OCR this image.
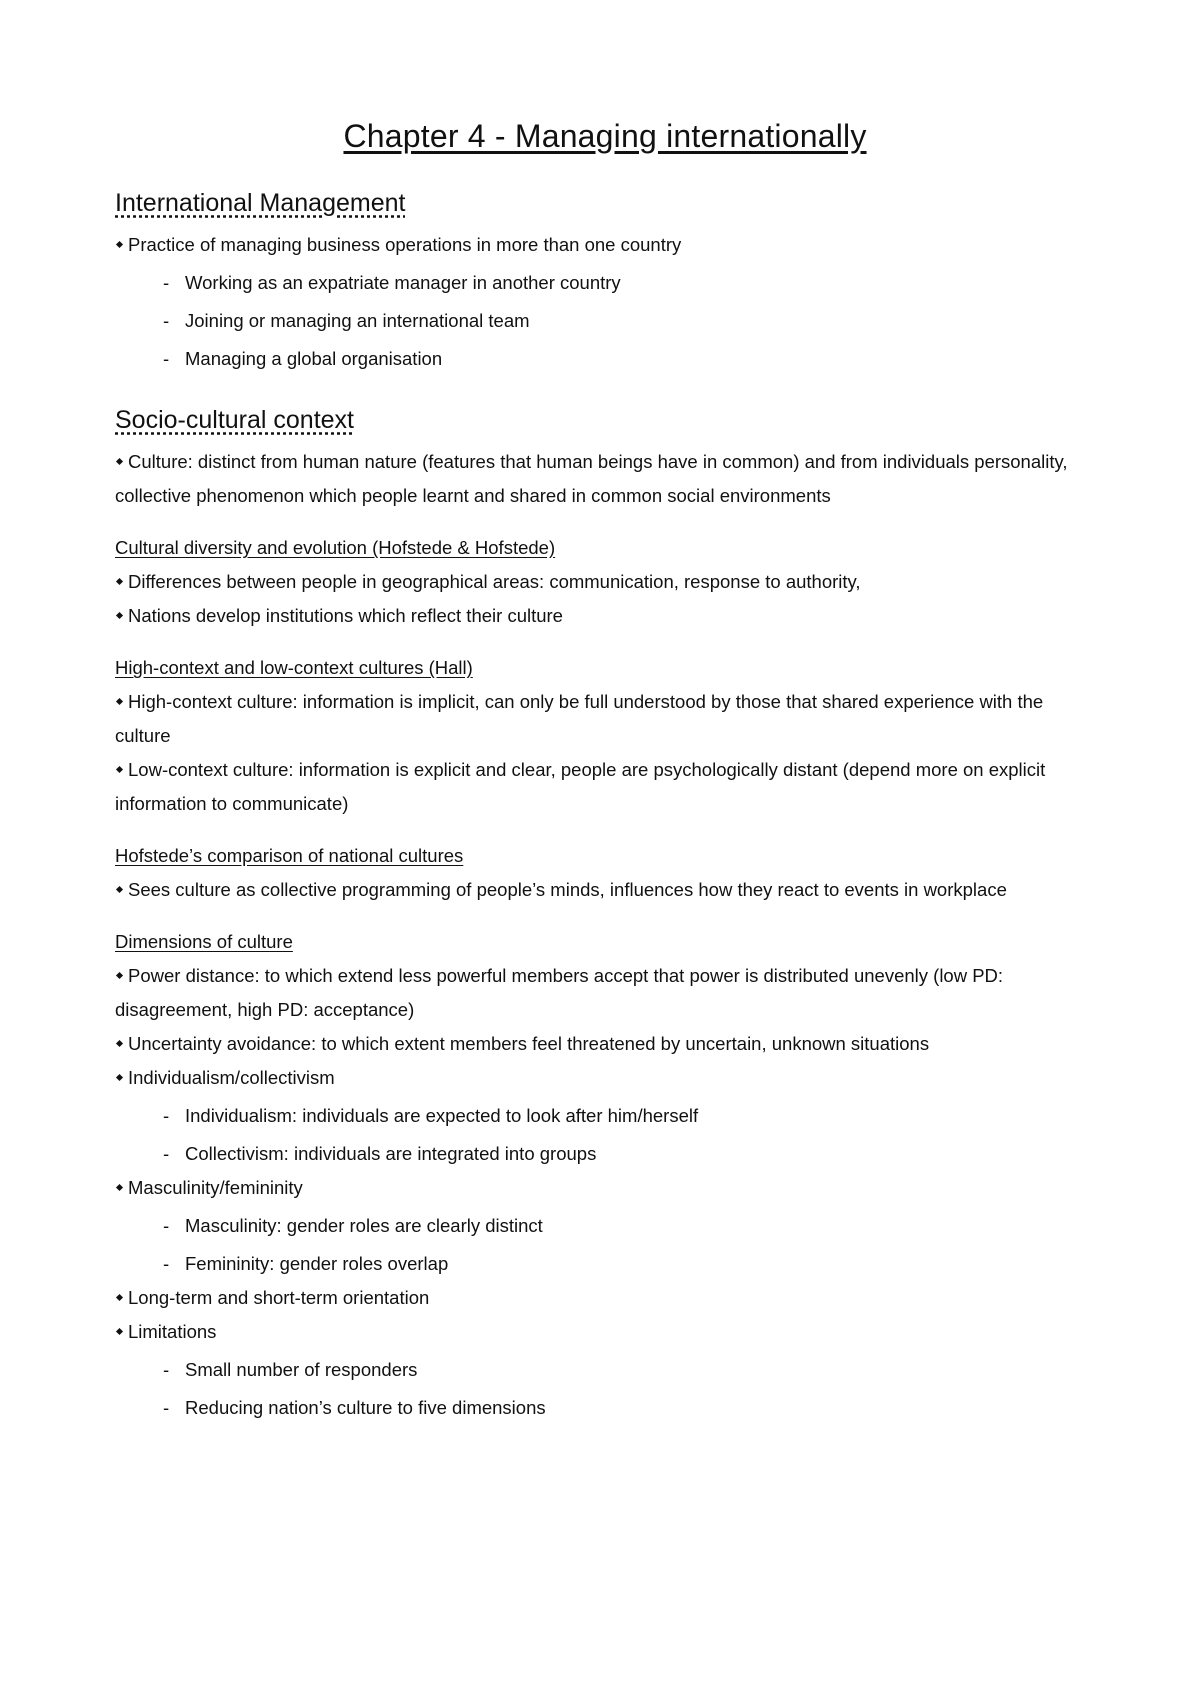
Chapter 4 - Managing internationally
International Management

Practice of managing business operations in more than one country

- Working as an expatriate manager in another country

- Joining or managing an international team

- Managing a global organisation

Socio-cultural context

Culture: distinct from human nature (features that human beings have in common) and from individuals personality, collective phenomenon which people learnt and shared in common social environments

Cultural diversity and evolution (Hofstede & Hofstede)

Differences between people in geographical areas: communication, response to authority,

Nations develop institutions which reflect their culture

High-context and low-context cultures (Hall)

High-context culture: information is implicit, can only be full understood by those that shared experience with the culture

Low-context culture: information is explicit and clear, people are psychologically distant (depend more on explicit information to communicate)

Hofstede’s comparison of national cultures

Sees culture as collective programming of people’s minds, influences how they react to events in workplace

Dimensions of culture

Power distance: to which extend less powerful members accept that power is distributed unevenly (low PD: disagreement, high PD: acceptance)

Uncertainty avoidance: to which extent members feel threatened by uncertain, unknown situations

Individualism/collectivism

- Individualism: individuals are expected to look after him/herself

- Collectivism: individuals are integrated into groups

Masculinity/femininity

- Masculinity: gender roles are clearly distinct

- Femininity: gender roles overlap

Long-term and short-term orientation

Limitations

- Small number of responders

- Reducing nation’s culture to five dimensions
